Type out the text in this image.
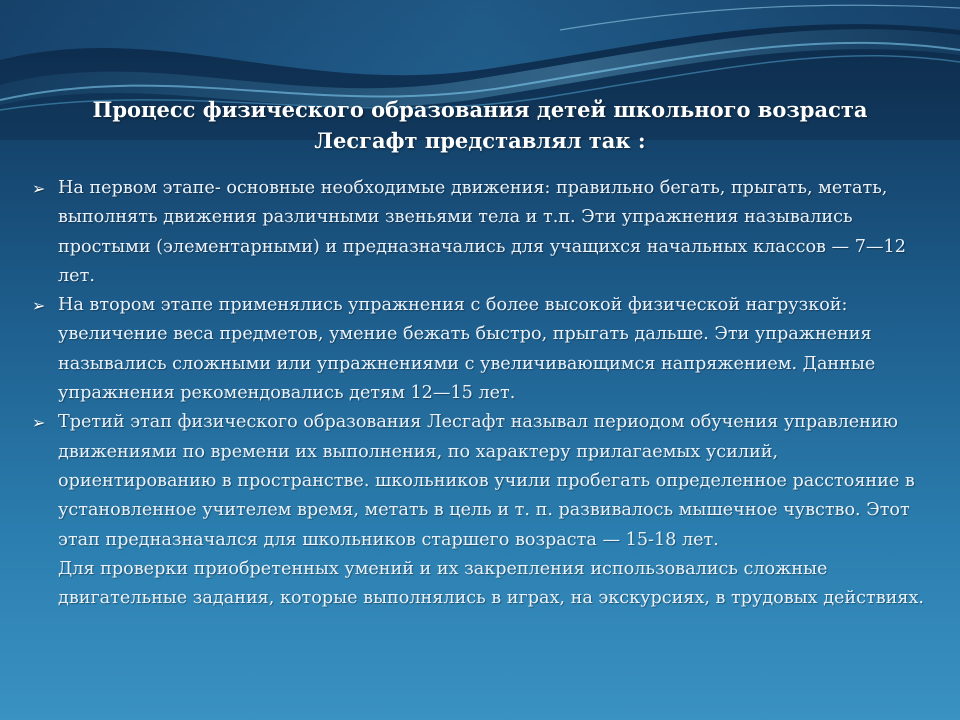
Процесс физического образования детей школьного возраста
Лесгафт представлял так :

➢ На первом этапе- основные необходимые движения: правильно бегать, прыгать, метать, выполнять движения различными звеньями тела и т.п. Эти упражнения назывались простыми (элементарными) и предназначались для учащихся начальных классов — 7—12 лет.

➢ На втором этапе применялись упражнения с более высокой физической нагрузкой: увеличение веса предметов, умение бежать быстро, прыгать дальше. Эти упражнения назывались сложными или упражнениями с увеличивающимся напряжением. Данные упражнения рекомендовались детям 12—15 лет.

➢ Третий этап физического образования Лесгафт называл периодом обучения управлению движениями по времени их выполнения, по характеру прилагаемых усилий, ориентированию в пространстве. школьников учили пробегать определенное расстояние в установленное учителем время, метать в цель и т. п. развивалось мышечное чувство. Этот этап предназначался для школьников старшего возраста — 15-18 лет.

Для проверки приобретенных умений и их закрепления использовались сложные двигательные задания, которые выполнялись в играх, на экскурсиях, в трудовых действиях.
